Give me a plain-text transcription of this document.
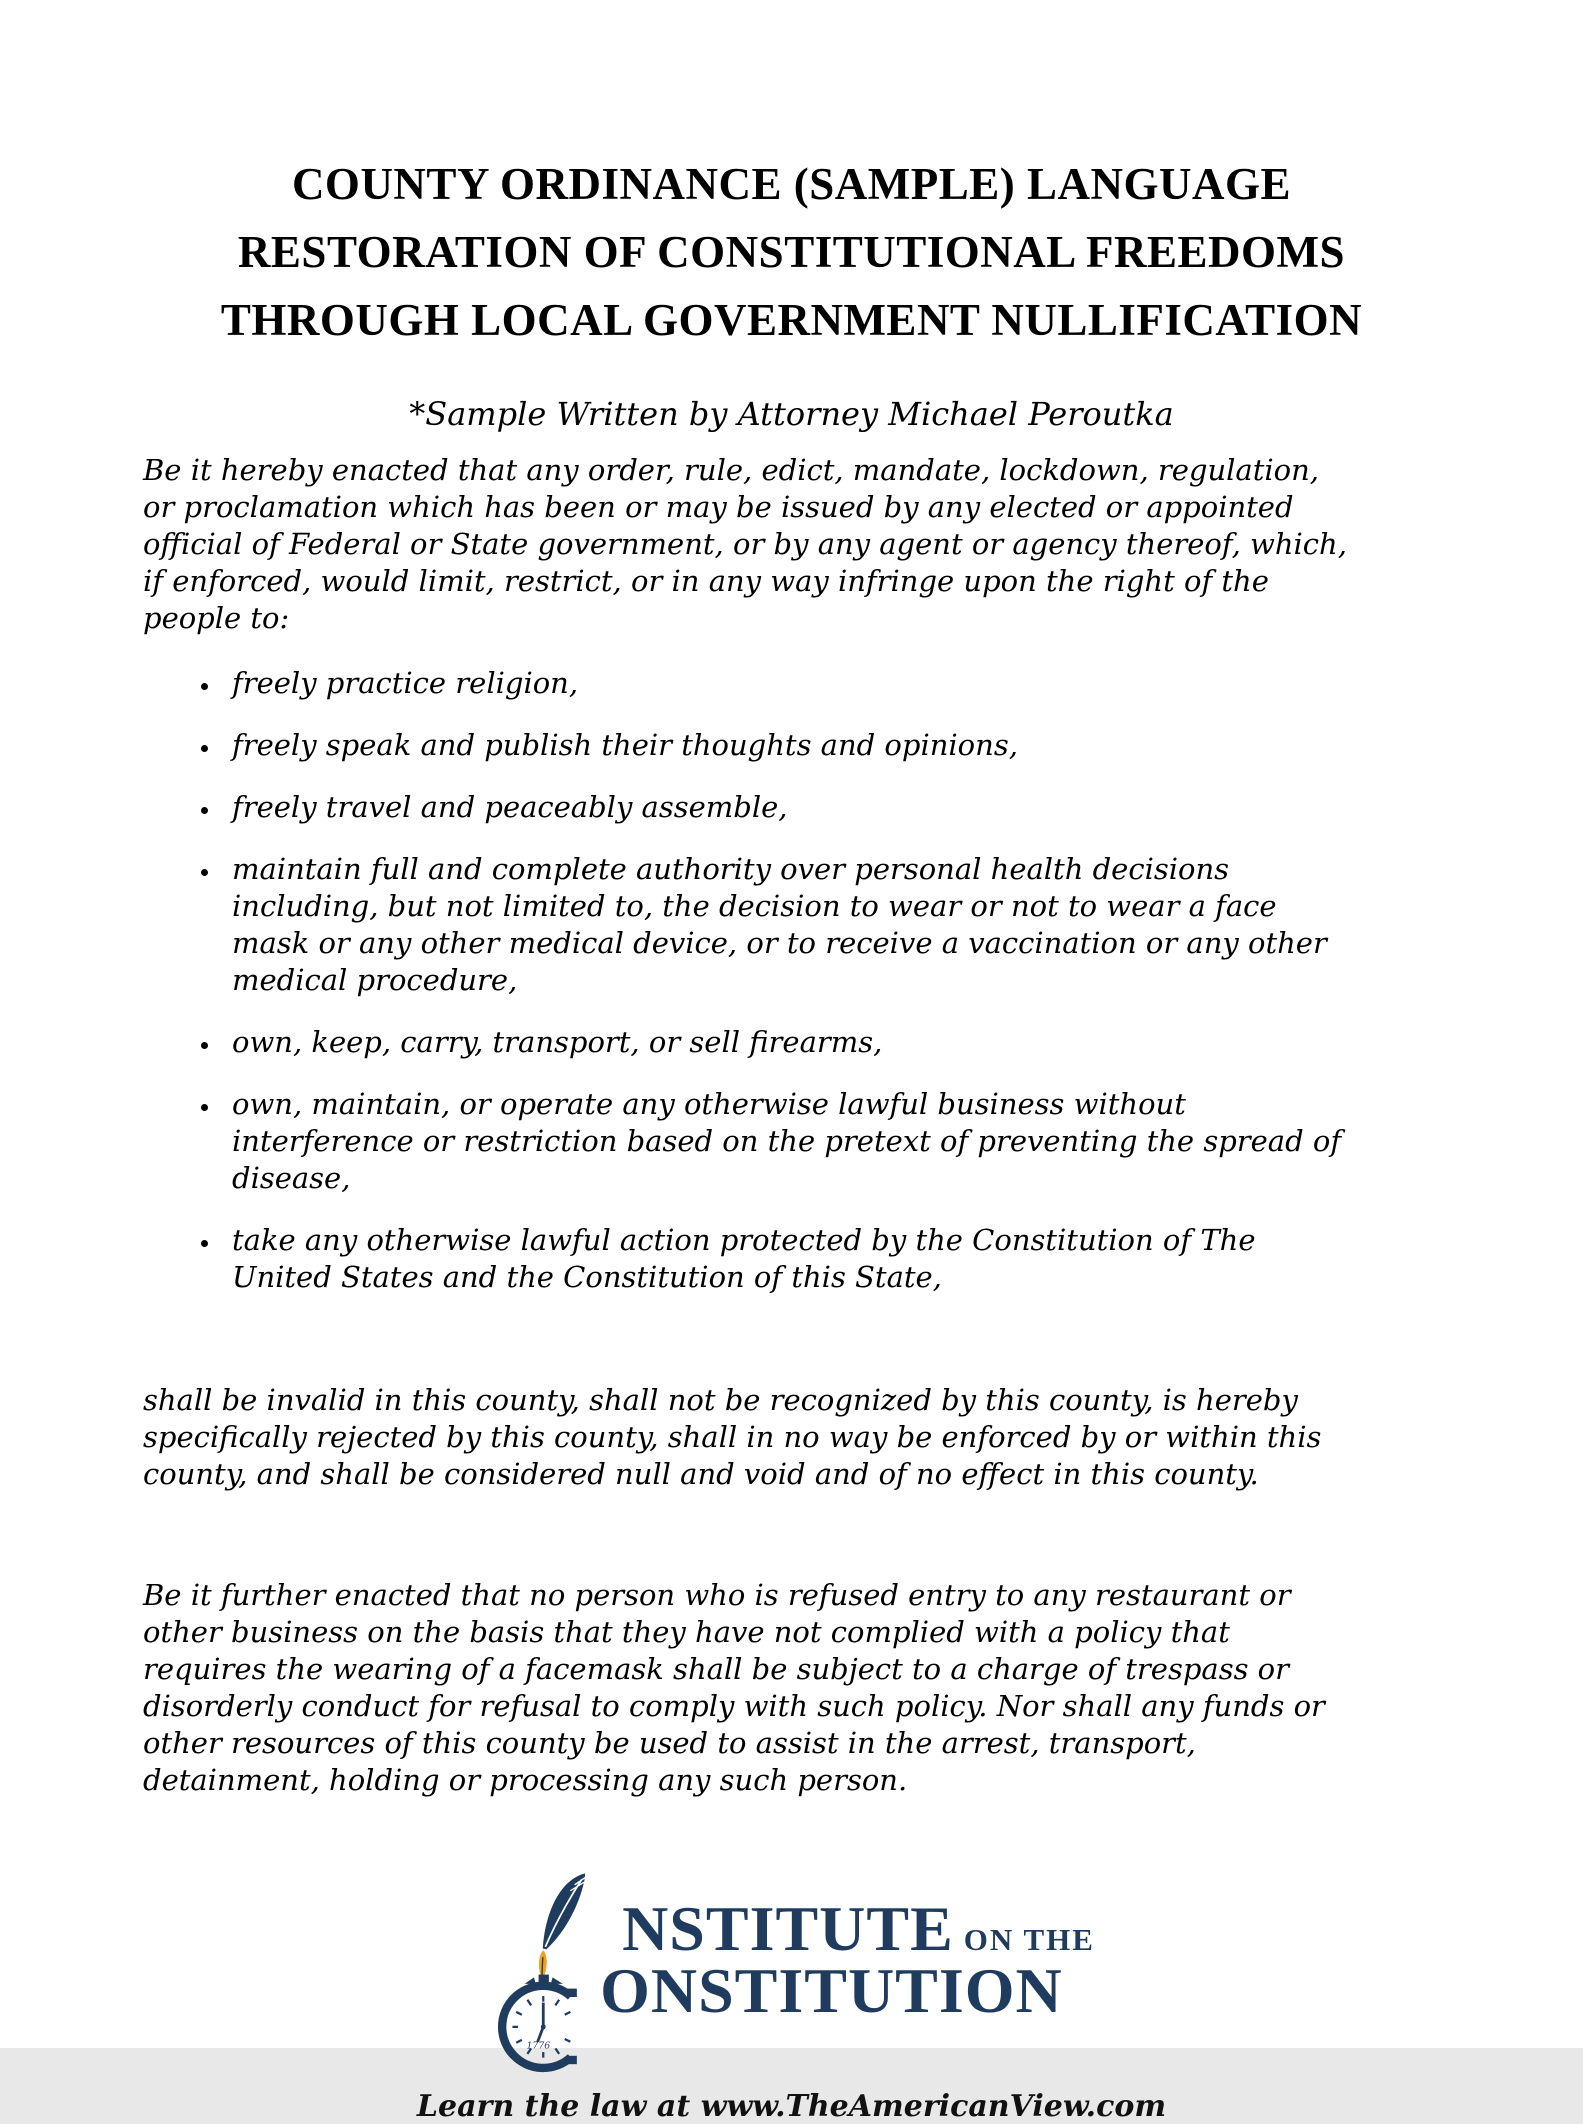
COUNTY ORDINANCE (SAMPLE) LANGUAGE
RESTORATION OF CONSTITUTIONAL FREEDOMS
THROUGH LOCAL GOVERNMENT NULLIFICATION
*Sample Written by Attorney Michael Peroutka
Be it hereby enacted that any order, rule, edict, mandate, lockdown, regulation, or proclamation which has been or may be issued by any elected or appointed official of Federal or State government, or by any agent or agency thereof, which, if enforced, would limit, restrict, or in any way infringe upon the right of the people to:
• freely practice religion,
• freely speak and publish their thoughts and opinions,
• freely travel and peaceably assemble,
• maintain full and complete authority over personal health decisions including, but not limited to, the decision to wear or not to wear a face mask or any other medical device, or to receive a vaccination or any other medical procedure,
• own, keep, carry, transport, or sell firearms,
• own, maintain, or operate any otherwise lawful business without interference or restriction based on the pretext of preventing the spread of disease,
• take any otherwise lawful action protected by the Constitution of The United States and the Constitution of this State,
shall be invalid in this county, shall not be recognized by this county, is hereby specifically rejected by this county, shall in no way be enforced by or within this county, and shall be considered null and void and of no effect in this county.
Be it further enacted that no person who is refused entry to any restaurant or other business on the basis that they have not complied with a policy that requires the wearing of a facemask shall be subject to a charge of trespass or disorderly conduct for refusal to comply with such policy. Nor shall any funds or other resources of this county be used to assist in the arrest, transport, detainment, holding or processing any such person.
1776
NSTITUTE ON THE
ONSTITUTION
Learn the law at www.TheAmericanView.com
